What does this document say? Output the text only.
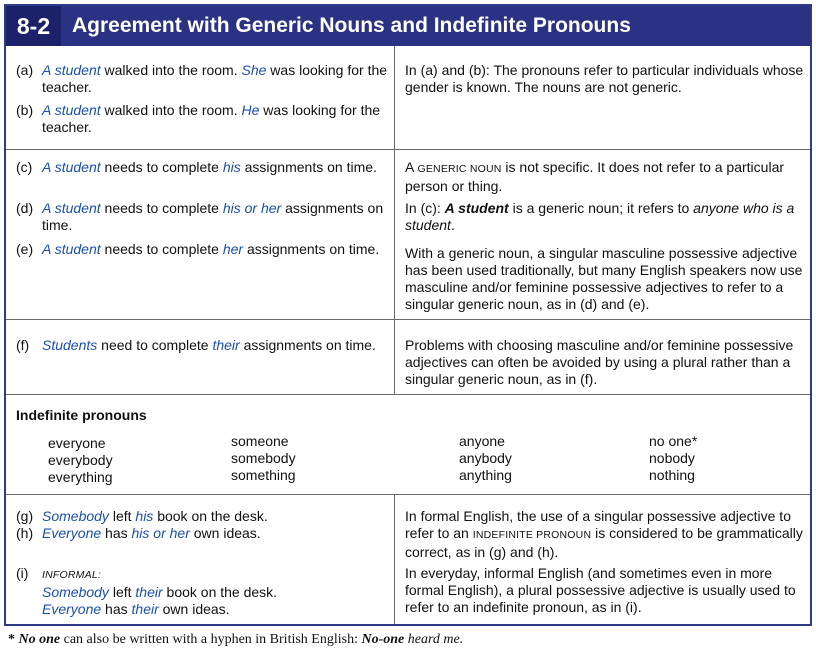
8-2	Agreement with Generic Nouns and Indefinite Pronouns
(a) A student walked into the room. She was looking for the teacher.
(b) A student walked into the room. He was looking for the teacher.
In (a) and (b): The pronouns refer to particular individuals whose gender is known. The nouns are not generic.
(c) A student needs to complete his assignments on time.
(d) A student needs to complete his or her assignments on time.
(e) A student needs to complete her assignments on time.
A GENERIC NOUN is not specific. It does not refer to a particular person or thing.
In (c): A student is a generic noun; it refers to anyone who is a student.
With a generic noun, a singular masculine possessive adjective has been used traditionally, but many English speakers now use masculine and/or feminine possessive adjectives to refer to a singular generic noun, as in (d) and (e).
(f) Students need to complete their assignments on time.	Problems with choosing masculine and/or feminine possessive adjectives can often be avoided by using a plural rather than a singular generic noun, as in (f).
Indefinite pronouns
everyone
everybody
everything
someone
somebody
something
anyone
anybody
anything
no one*
nobody
nothing
(g) Somebody left his book on the desk.
(h) Everyone has his or her own ideas.
(i) INFORMAL:
Somebody left their book on the desk.
Everyone has their own ideas.
In formal English, the use of a singular possessive adjective to refer to an INDEFINITE PRONOUN is considered to be grammatically correct, as in (g) and (h).
In everyday, informal English (and sometimes even in more formal English), a plural possessive adjective is usually used to refer to an indefinite pronoun, as in (i).
* No one can also be written with a hyphen in British English: No-one heard me.
